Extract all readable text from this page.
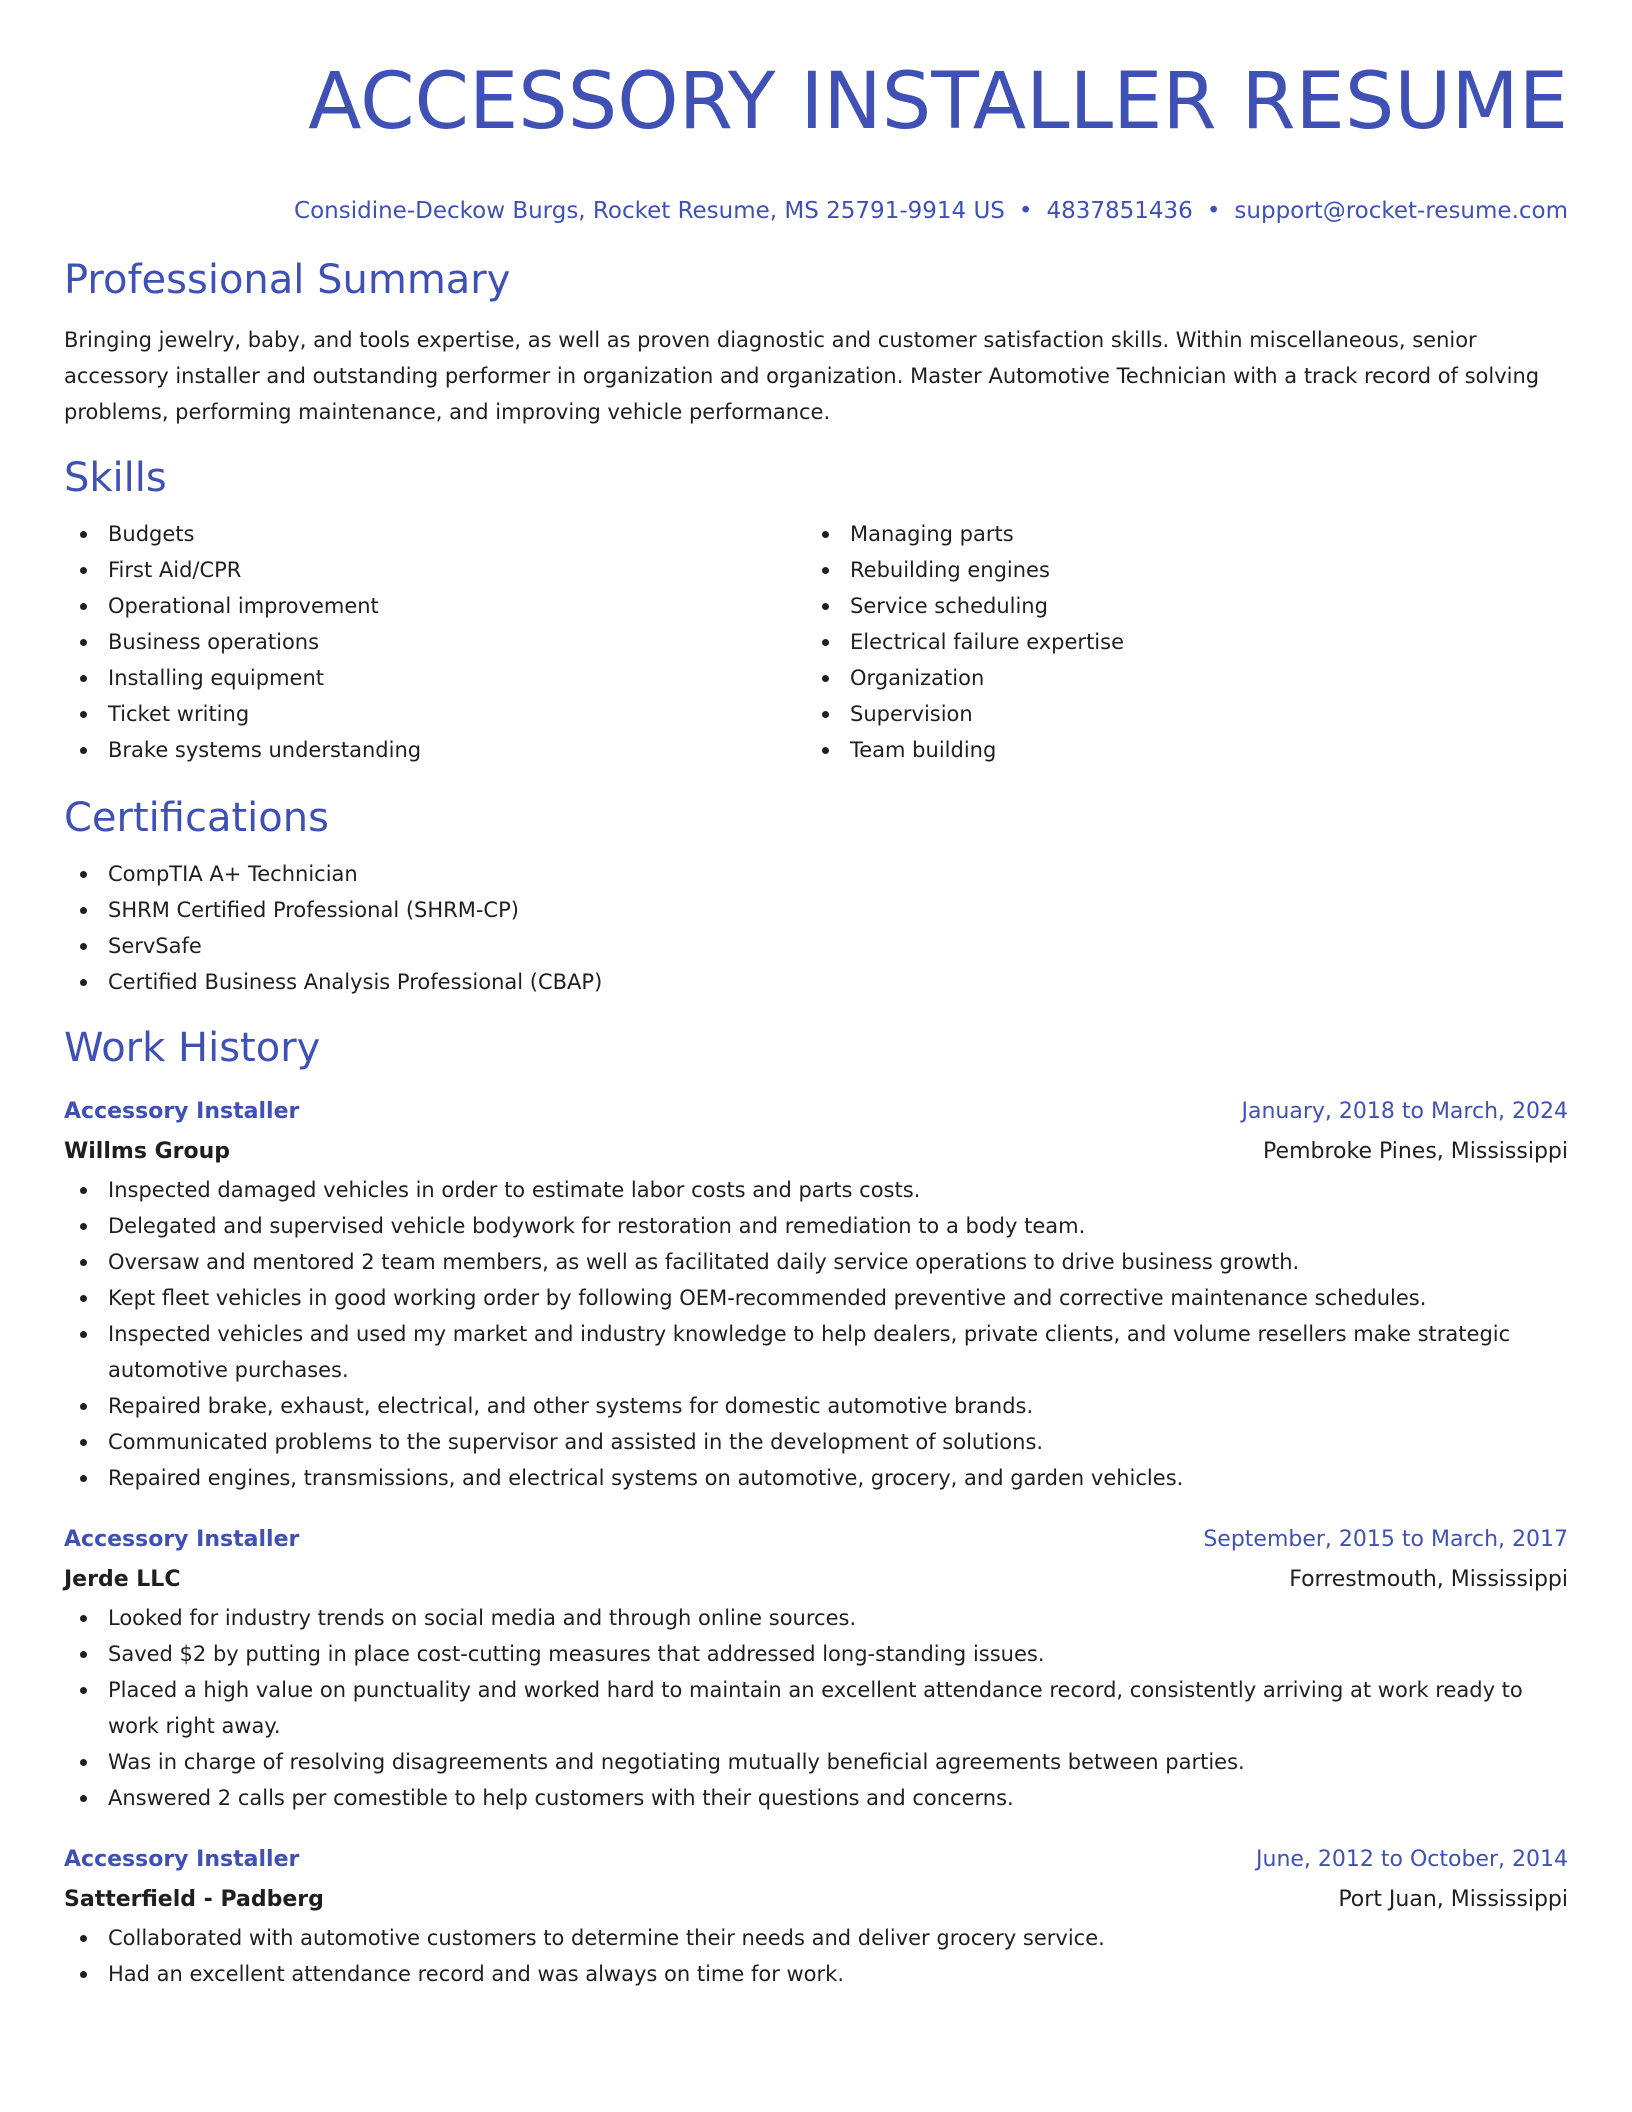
ACCESSORY INSTALLER RESUME
Considine-Deckow Burgs, Rocket Resume, MS 25791-9914 US • 4837851436 • support@rocket-resume.com
Professional Summary

Bringing jewelry, baby, and tools expertise, as well as proven diagnostic and customer satisfaction skills. Within miscellaneous, senior accessory installer and outstanding performer in organization and organization. Master Automotive Technician with a track record of solving problems, performing maintenance, and improving vehicle performance.

Skills
Budgets
First Aid/CPR
Operational improvement
Business operations
Installing equipment
Ticket writing
Brake systems understanding
Managing parts
Rebuilding engines
Service scheduling
Electrical failure expertise
Organization
Supervision
Team building
Certifications
CompTIA A+ Technician
SHRM Certified Professional (SHRM-CP)
ServSafe
Certified Business Analysis Professional (CBAP)
Work History
Accessory Installer	January, 2018 to March, 2024
Willms Group	Pembroke Pines, Mississippi
Inspected damaged vehicles in order to estimate labor costs and parts costs.
Delegated and supervised vehicle bodywork for restoration and remediation to a body team.
Oversaw and mentored 2 team members, as well as facilitated daily service operations to drive business growth.
Kept fleet vehicles in good working order by following OEM-recommended preventive and corrective maintenance schedules.
Inspected vehicles and used my market and industry knowledge to help dealers, private clients, and volume resellers make strategic automotive purchases.
Repaired brake, exhaust, electrical, and other systems for domestic automotive brands.
Communicated problems to the supervisor and assisted in the development of solutions.
Repaired engines, transmissions, and electrical systems on automotive, grocery, and garden vehicles.
Accessory Installer	September, 2015 to March, 2017
Jerde LLC	Forrestmouth, Mississippi
Looked for industry trends on social media and through online sources.
Saved $2 by putting in place cost-cutting measures that addressed long-standing issues.
Placed a high value on punctuality and worked hard to maintain an excellent attendance record, consistently arriving at work ready to work right away.
Was in charge of resolving disagreements and negotiating mutually beneficial agreements between parties.
Answered 2 calls per comestible to help customers with their questions and concerns.
Accessory Installer	June, 2012 to October, 2014
Satterfield - Padberg	Port Juan, Mississippi
Collaborated with automotive customers to determine their needs and deliver grocery service.
Had an excellent attendance record and was always on time for work.
